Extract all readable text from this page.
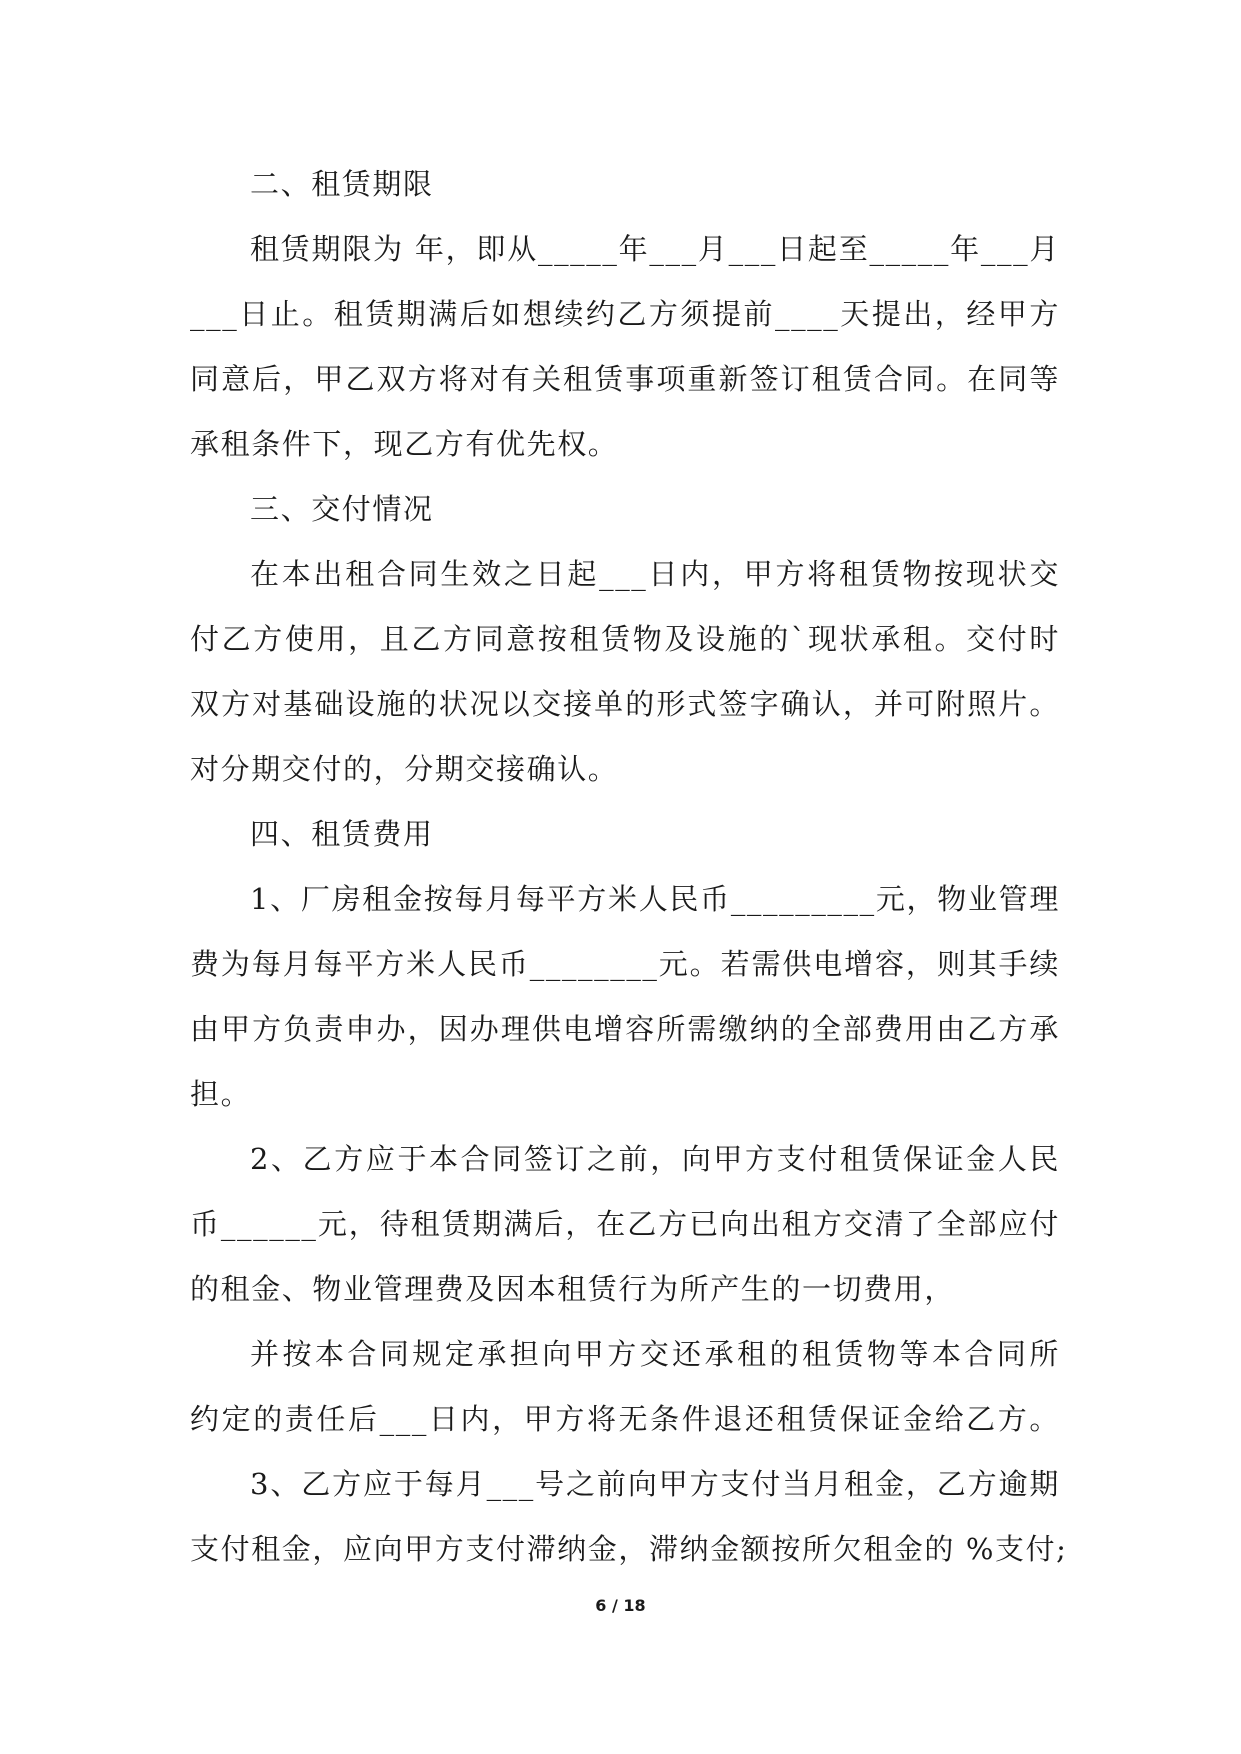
二、租赁期限
租赁期限为 年，即从_____年___月___日起至_____年___月
___日止。租赁期满后如想续约乙方须提前____天提出，经甲方
同意后，甲乙双方将对有关租赁事项重新签订租赁合同。在同等
承租条件下，现乙方有优先权。
三、交付情况
在本出租合同生效之日起___日内，甲方将租赁物按现状交
付乙方使用，且乙方同意按租赁物及设施的`现状承租。交付时
双方对基础设施的状况以交接单的形式签字确认，并可附照片。
对分期交付的，分期交接确认。
四、租赁费用
1、厂房租金按每月每平方米人民币_________元，物业管理
费为每月每平方米人民币________元。若需供电增容，则其手续
由甲方负责申办，因办理供电增容所需缴纳的全部费用由乙方承
担。
2、乙方应于本合同签订之前，向甲方支付租赁保证金人民
币______元，待租赁期满后，在乙方已向出租方交清了全部应付
的租金、物业管理费及因本租赁行为所产生的一切费用，
并按本合同规定承担向甲方交还承租的租赁物等本合同所
约定的责任后___日内，甲方将无条件退还租赁保证金给乙方。
3、乙方应于每月___号之前向甲方支付当月租金，乙方逾期
支付租金，应向甲方支付滞纳金，滞纳金额按所欠租金的 %支付;
6 / 18
